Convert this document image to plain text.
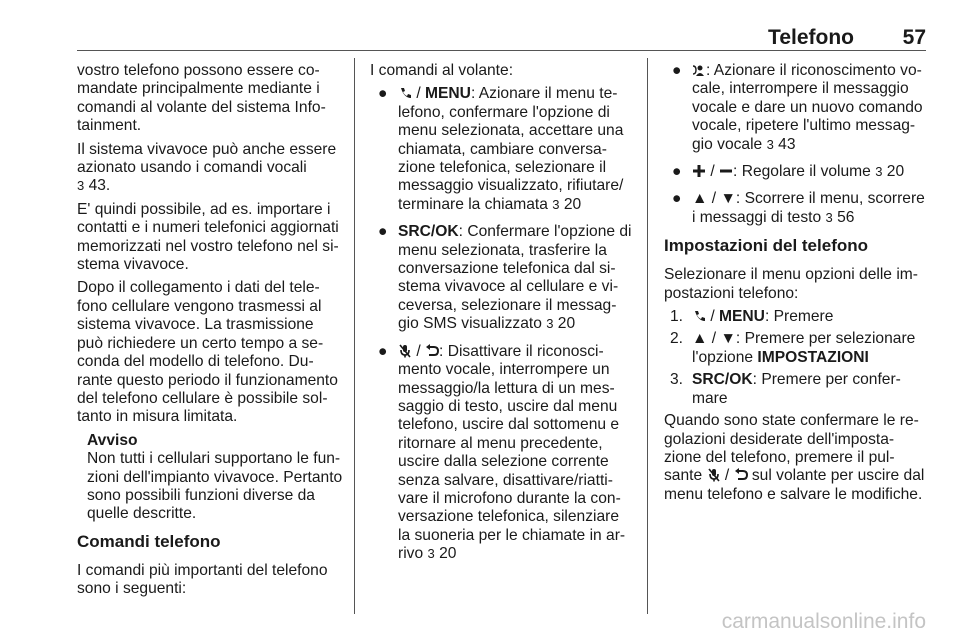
Telefono 57

vostro telefono possono essere comandate principalmente mediante i comandi al volante del sistema Infotainment.

Il sistema vivavoce può anche essere azionato usando i comandi vocali
3 43.

E' quindi possibile, ad es. importare i contatti e i numeri telefonici aggiornati memorizzati nel vostro telefono nel sistema vivavoce.

Dopo il collegamento i dati del telefono cellulare vengono trasmessi al sistema vivavoce. La trasmissione può richiedere un certo tempo a seconda del modello di telefono. Durante questo periodo il funzionamento del telefono cellulare è possibile soltanto in misura limitata.

Avviso
Non tutti i cellulari supportano le funzioni dell'impianto vivavoce. Pertanto sono possibili funzioni diverse da quelle descritte.
Comandi telefono

I comandi più importanti del telefono sono i seguenti:

I comandi al volante:

● / MENU: Azionare il menu telefono, confermare l'opzione di menu selezionata, accettare una chiamata, cambiare conversazione telefonica, selezionare il messaggio visualizzato, rifiutare/ terminare la chiamata 3 20
● SRC/OK: Confermare l'opzione di menu selezionata, trasferire la conversazione telefonica dal sistema vivavoce al cellulare e viceversa, selezionare il messaggio SMS visualizzato 3 20
● / : Disattivare il riconoscimento vocale, interrompere un messaggio/la lettura di un messaggio di testo, uscire dal menu telefono, uscire dal sottomenu e ritornare al menu precedente, uscire dalla selezione corrente senza salvare, disattivare/riattivare il microfono durante la conversazione telefonica, silenziare la suoneria per le chiamate in arrivo 3 20
● : Azionare il riconoscimento vocale, interrompere il messaggio vocale e dare un nuovo comando vocale, ripetere l'ultimo messaggio vocale 3 43
● / : Regolare il volume 3 20
● ▲ / ▼: Scorrere il menu, scorrere i messaggi di testo 3 56
Impostazioni del telefono

Selezionare il menu opzioni delle impostazioni telefono:

1. / MENU: Premere
2. ▲ / ▼: Premere per selezionare l'opzione IMPOSTAZIONI
3. SRC/OK: Premere per confermare

Quando sono state confermare le regolazioni desiderate dell'impostazione del telefono, premere il pulsante / sul volante per uscire dal menu telefono e salvare le modifiche.

carmanualsonline.info
